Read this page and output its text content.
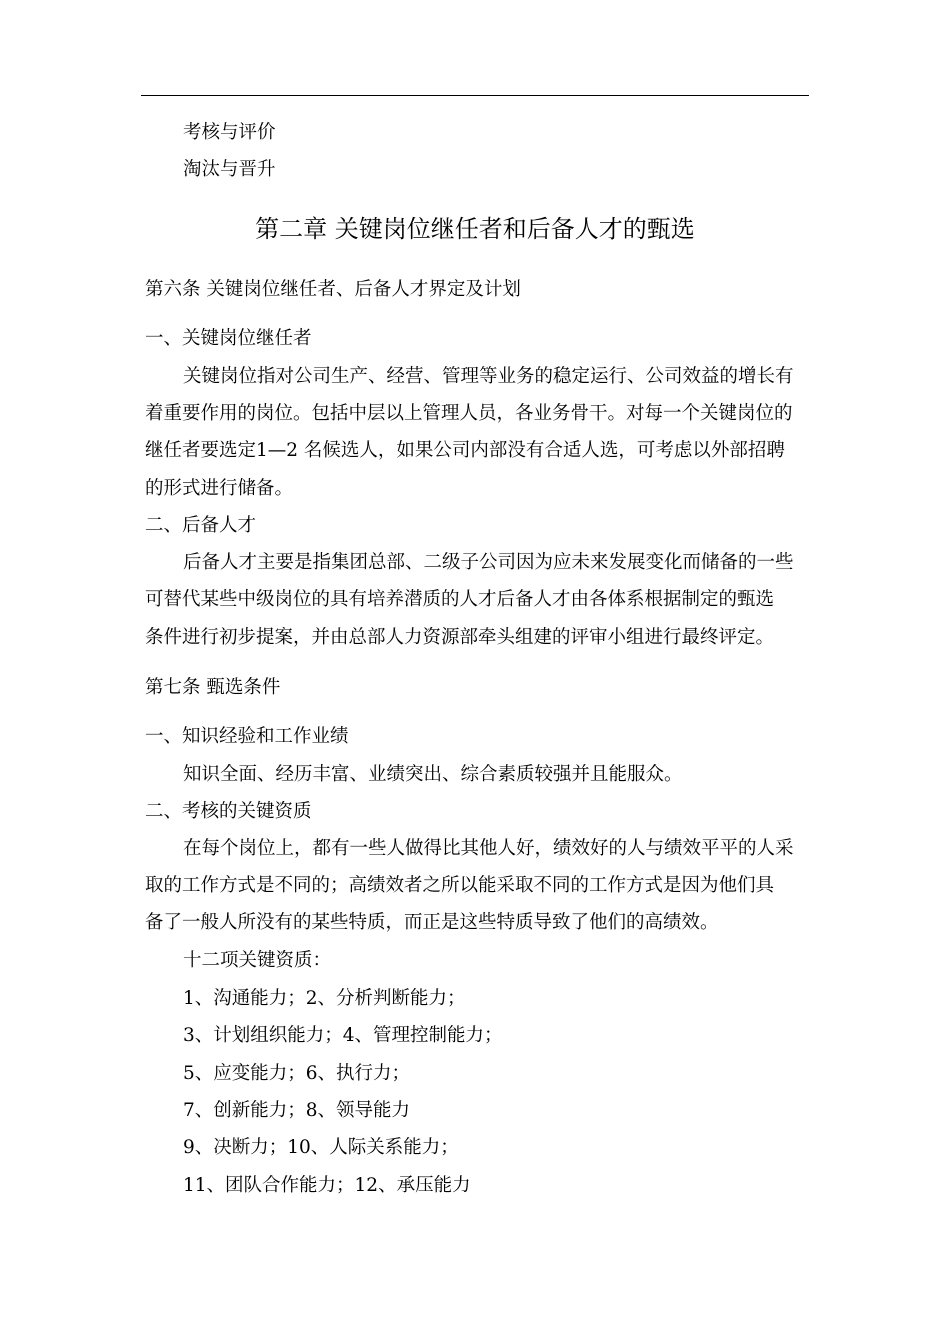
考核与评价
淘汰与晋升
第二章 关键岗位继任者和后备人才的甄选
第六条 关键岗位继任者、后备人才界定及计划
一、关键岗位继任者
关键岗位指对公司生产、经营、管理等业务的稳定运行、公司效益的增长有
着重要作用的岗位。包括中层以上管理人员，各业务骨干。对每一个关键岗位的
继任者要选定1—2 名候选人，如果公司内部没有合适人选，可考虑以外部招聘
的形式进行储备。
二、后备人才
后备人才主要是指集团总部、二级子公司因为应未来发展变化而储备的一些
可替代某些中级岗位的具有培养潜质的人才后备人才由各体系根据制定的甄选
条件进行初步提案，并由总部人力资源部牵头组建的评审小组进行最终评定。
第七条 甄选条件
一、知识经验和工作业绩
知识全面、经历丰富、业绩突出、综合素质较强并且能服众。
二、考核的关键资质
在每个岗位上，都有一些人做得比其他人好，绩效好的人与绩效平平的人采
取的工作方式是不同的；高绩效者之所以能采取不同的工作方式是因为他们具
备了一般人所没有的某些特质，而正是这些特质导致了他们的高绩效。
十二项关键资质：
1、沟通能力；2、分析判断能力；
3、计划组织能力；4、管理控制能力；
5、应变能力；6、执行力；
7、创新能力；8、领导能力
9、决断力；10、人际关系能力；
11、团队合作能力；12、承压能力
